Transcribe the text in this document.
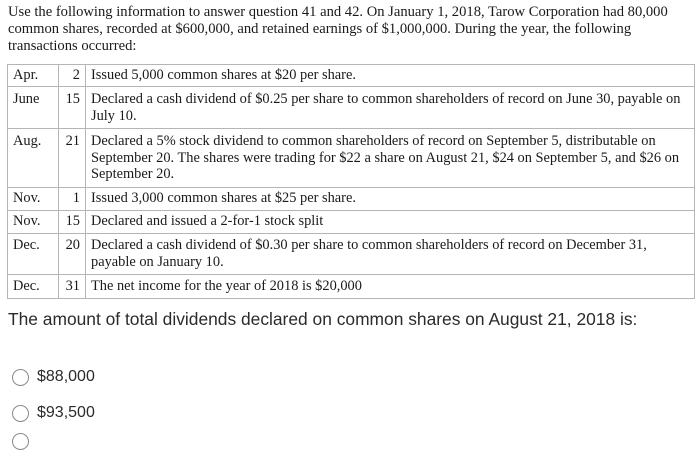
Use the following information to answer question 41 and 42. On January 1, 2018, Tarow Corporation had 80,000 common shares, recorded at $600,000, and retained earnings of $1,000,000. During the year, the following transactions occurred:

Apr.	2	Issued 5,000 common shares at $20 per share.
June	15	Declared a cash dividend of $0.25 per share to common shareholders of record on June 30, payable on July 10.
Aug.	21	Declared a 5% stock dividend to common shareholders of record on September 5, distributable on September 20. The shares were trading for $22 a share on August 21, $24 on September 5, and $26 on September 20.
Nov.	1	Issued 3,000 common shares at $25 per share.
Nov.	15	Declared and issued a 2-for-1 stock split
Dec.	20	Declared a cash dividend of $0.30 per share to common shareholders of record on December 31, payable on January 10.
Dec.	31	The net income for the year of 2018 is $20,000

The amount of total dividends declared on common shares on August 21, 2018 is:

$88,000
$93,500
